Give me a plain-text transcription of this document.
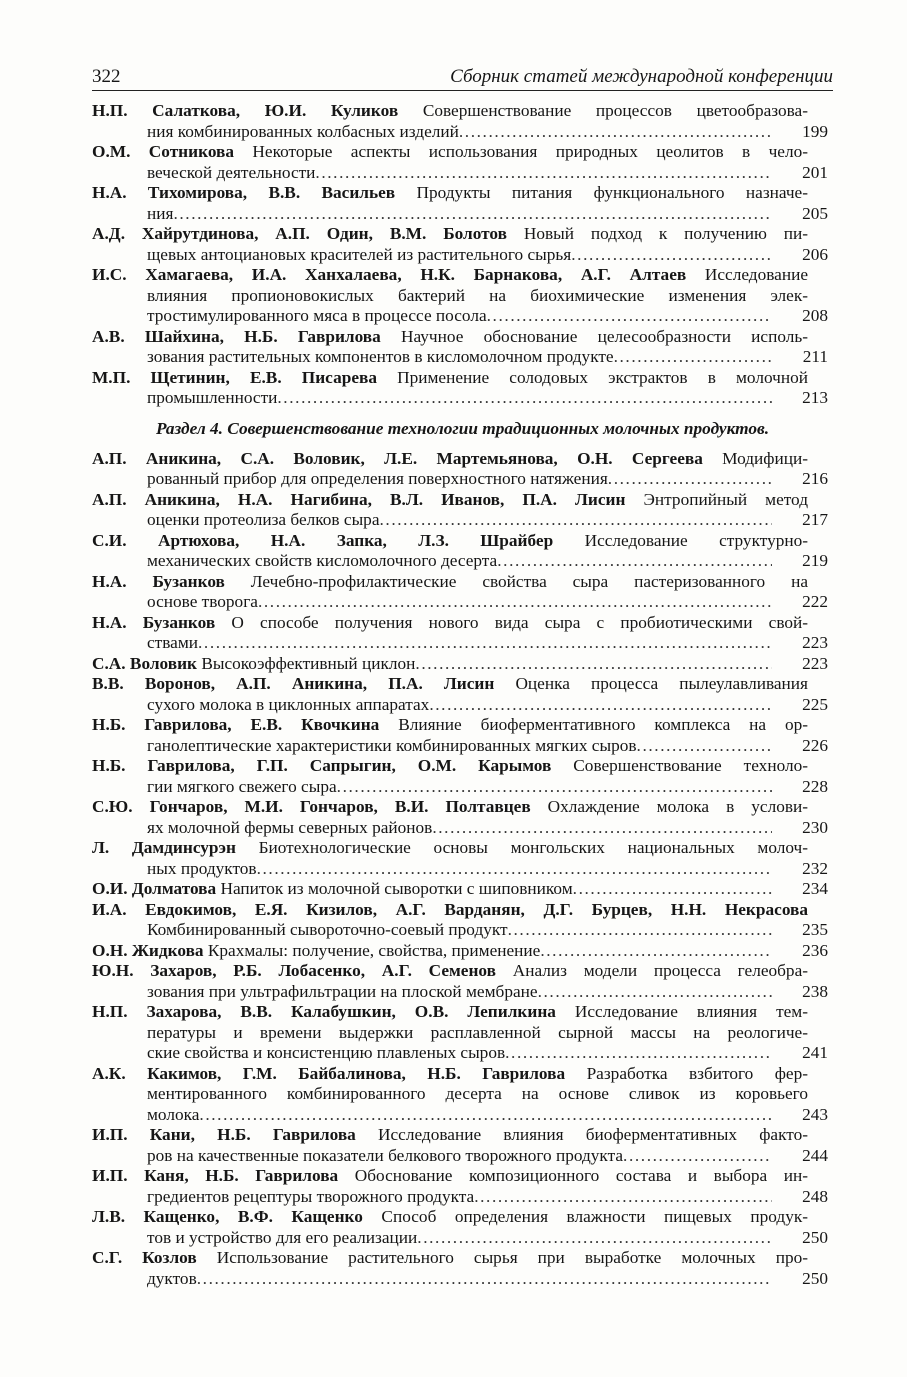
322	Сборник статей международной конференции
Н.П. Салаткова, Ю.И. Куликов Совершенствование процессов цветообразова-
ния комбинированных колбасных изделий .....	199
О.М. Сотникова Некоторые аспекты использования природных цеолитов в чело-
веческой деятельности .....	201
Н.А. Тихомирова, В.В. Васильев Продукты питания функционального назначе-
ния .....	205
А.Д. Хайрутдинова, А.П. Один, В.М. Болотов Новый подход к получению пи-
щевых антоциановых красителей из растительного сырья .....	206
И.С. Хамагаева, И.А. Ханхалаева, Н.К. Барнакова, А.Г. Алтаев Исследование
влияния пропионовокислых бактерий на биохимические изменения элек-
тростимулированного мяса в процессе посола .....	208
А.В. Шайхина, Н.Б. Гаврилова Научное обоснование целесообразности исполь-
зования растительных компонентов в кисломолочном продукте .....	211
М.П. Щетинин, Е.В. Писарева Применение солодовых экстрактов в молочной
промышленности .....	213
Раздел 4. Совершенствование технологии традиционных молочных продуктов.
А.П. Аникина, С.А. Воловик, Л.Е. Мартемьянова, О.Н. Сергеева Модифици-
рованный прибор для определения поверхностного натяжения .....	216
А.П. Аникина, Н.А. Нагибина, В.Л. Иванов, П.А. Лисин Энтропийный метод
оценки протеолиза белков сыра .....	217
С.И. Артюхова, Н.А. Запка, Л.З. Шрайбер Исследование структурно-
механических свойств кисломолочного десерта .....	219
Н.А. Бузанков Лечебно-профилактические свойства сыра пастеризованного на
основе творога .....	222
Н.А. Бузанков О способе получения нового вида сыра с пробиотическими свой-
ствами .....	223
С.А. Воловик Высокоэффективный циклон .....	223
В.В. Воронов, А.П. Аникина, П.А. Лисин Оценка процесса пылеулавливания
сухого молока в циклонных аппаратах .....	225
Н.Б. Гаврилова, Е.В. Квочкина Влияние биоферментативного комплекса на ор-
ганолептические характеристики комбинированных мягких сыров .....	226
Н.Б. Гаврилова, Г.П. Сапрыгин, О.М. Карымов Совершенствование техноло-
гии мягкого свежего сыра .....	228
С.Ю. Гончаров, М.И. Гончаров, В.И. Полтавцев Охлаждение молока в услови-
ях молочной фермы северных районов .....	230
Л. Дамдинсурэн Биотехнологические основы монгольских национальных молоч-
ных продуктов .....	232
О.И. Долматова Напиток из молочной сыворотки с шиповником .....	234
И.А. Евдокимов, Е.Я. Кизилов, А.Г. Варданян, Д.Г. Бурцев, Н.Н. Некрасова
Комбинированный сывороточно-соевый продукт .....	235
О.Н. Жидкова Крахмалы: получение, свойства, применение .....	236
Ю.Н. Захаров, Р.Б. Лобасенко, А.Г. Семенов Анализ модели процесса гелеобра-
зования при ультрафильтрации на плоской мембране .....	238
Н.П. Захарова, В.В. Калабушкин, О.В. Лепилкина Исследование влияния тем-
пературы и времени выдержки расплавленной сырной массы на реологиче-
ские свойства и консистенцию плавленых сыров .....	241
А.К. Какимов, Г.М. Байбалинова, Н.Б. Гаврилова Разработка взбитого фер-
ментированного комбинированного десерта на основе сливок из коровьего
молока .....	243
И.П. Кани, Н.Б. Гаврилова Исследование влияния биоферментативных факто-
ров на качественные показатели белкового творожного продукта .....	244
И.П. Каня, Н.Б. Гаврилова Обоснование композиционного состава и выбора ин-
гредиентов рецептуры творожного продукта .....	248
Л.В. Кащенко, В.Ф. Кащенко Способ определения влажности пищевых продук-
тов и устройство для его реализации .....	250
С.Г. Козлов Использование растительного сырья при выработке молочных про-
дуктов .....	250
